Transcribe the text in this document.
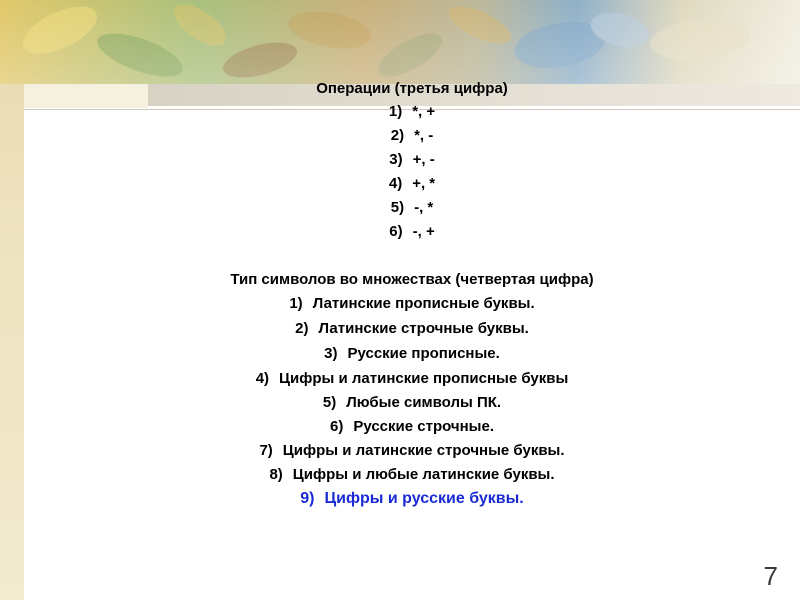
Операции (третья цифра)
1) *, +
2) *, -
3) +, -
4) +, *
5) -, *
6) -, +
Тип символов во множествах (четвертая цифра)
1) Латинские прописные буквы.
2) Латинские строчные буквы.
3) Русские прописные.
4) Цифры и латинские прописные буквы
5) Любые символы ПК.
6) Русские строчные.
7) Цифры и латинские строчные буквы.
8) Цифры и любые латинские буквы.
9) Цифры и русские буквы.
7
